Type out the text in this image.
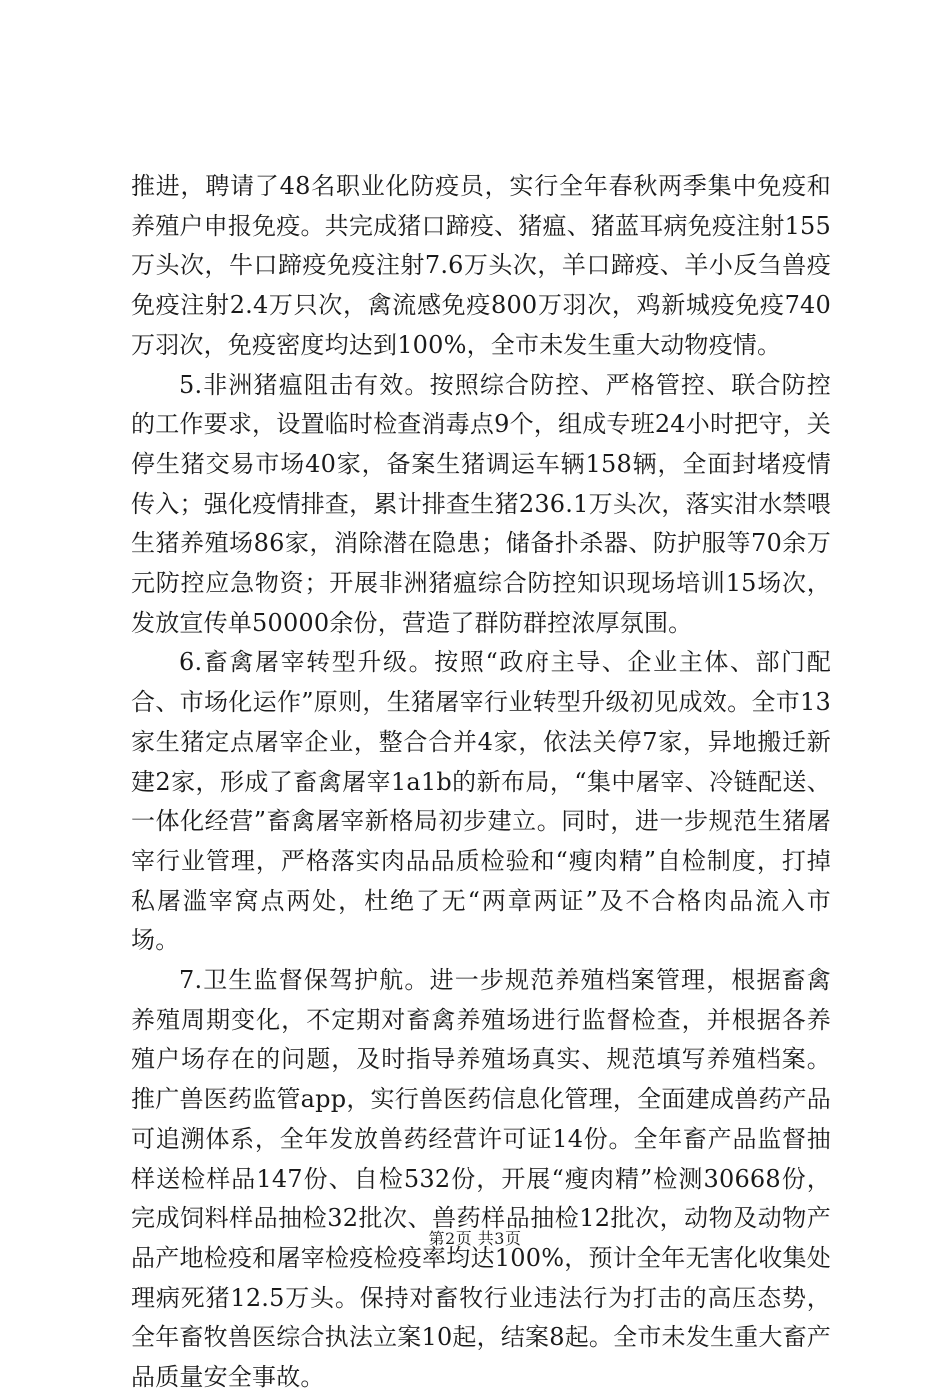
推进，聘请了48名职业化防疫员，实行全年春秋两季集中免疫和养殖户申报免疫。共完成猪口蹄疫、猪瘟、猪蓝耳病免疫注射155万头次，牛口蹄疫免疫注射7.6万头次，羊口蹄疫、羊小反刍兽疫免疫注射2.4万只次，禽流感免疫800万羽次，鸡新城疫免疫740万羽次，免疫密度均达到100%，全市未发生重大动物疫情。

5.非洲猪瘟阻击有效。按照综合防控、严格管控、联合防控的工作要求，设置临时检查消毒点9个，组成专班24小时把守，关停生猪交易市场40家，备案生猪调运车辆158辆，全面封堵疫情传入；强化疫情排查，累计排查生猪236.1万头次，落实泔水禁喂生猪养殖场86家，消除潜在隐患；储备扑杀器、防护服等70余万元防控应急物资；开展非洲猪瘟综合防控知识现场培训15场次，发放宣传单50000余份，营造了群防群控浓厚氛围。

6.畜禽屠宰转型升级。按照“政府主导、企业主体、部门配合、市场化运作”原则，生猪屠宰行业转型升级初见成效。全市13家生猪定点屠宰企业，整合合并4家，依法关停7家，异地搬迁新建2家，形成了畜禽屠宰1a1b的新布局，“集中屠宰、冷链配送、一体化经营”畜禽屠宰新格局初步建立。同时，进一步规范生猪屠宰行业管理，严格落实肉品品质检验和“瘦肉精”自检制度，打掉私屠滥宰窝点两处，杜绝了无“两章两证”及不合格肉品流入市场。

7.卫生监督保驾护航。进一步规范养殖档案管理，根据畜禽养殖周期变化，不定期对畜禽养殖场进行监督检查，并根据各养殖户场存在的问题，及时指导养殖场真实、规范填写养殖档案。推广兽医药监管app，实行兽医药信息化管理，全面建成兽药产品可追溯体系，全年发放兽药经营许可证14份。全年畜产品监督抽样送检样品147份、自检532份，开展“瘦肉精”检测30668份，完成饲料样品抽检32批次、兽药样品抽检12批次，动物及动物产品产地检疫和屠宰检疫检疫率均达100%，预计全年无害化收集处理病死猪12.5万头。保持对畜牧行业违法行为打击的高压态势，全年畜牧兽医综合执法立案10起，结案8起。全市未发生重大畜产品质量安全事故。

第2页 共3页
